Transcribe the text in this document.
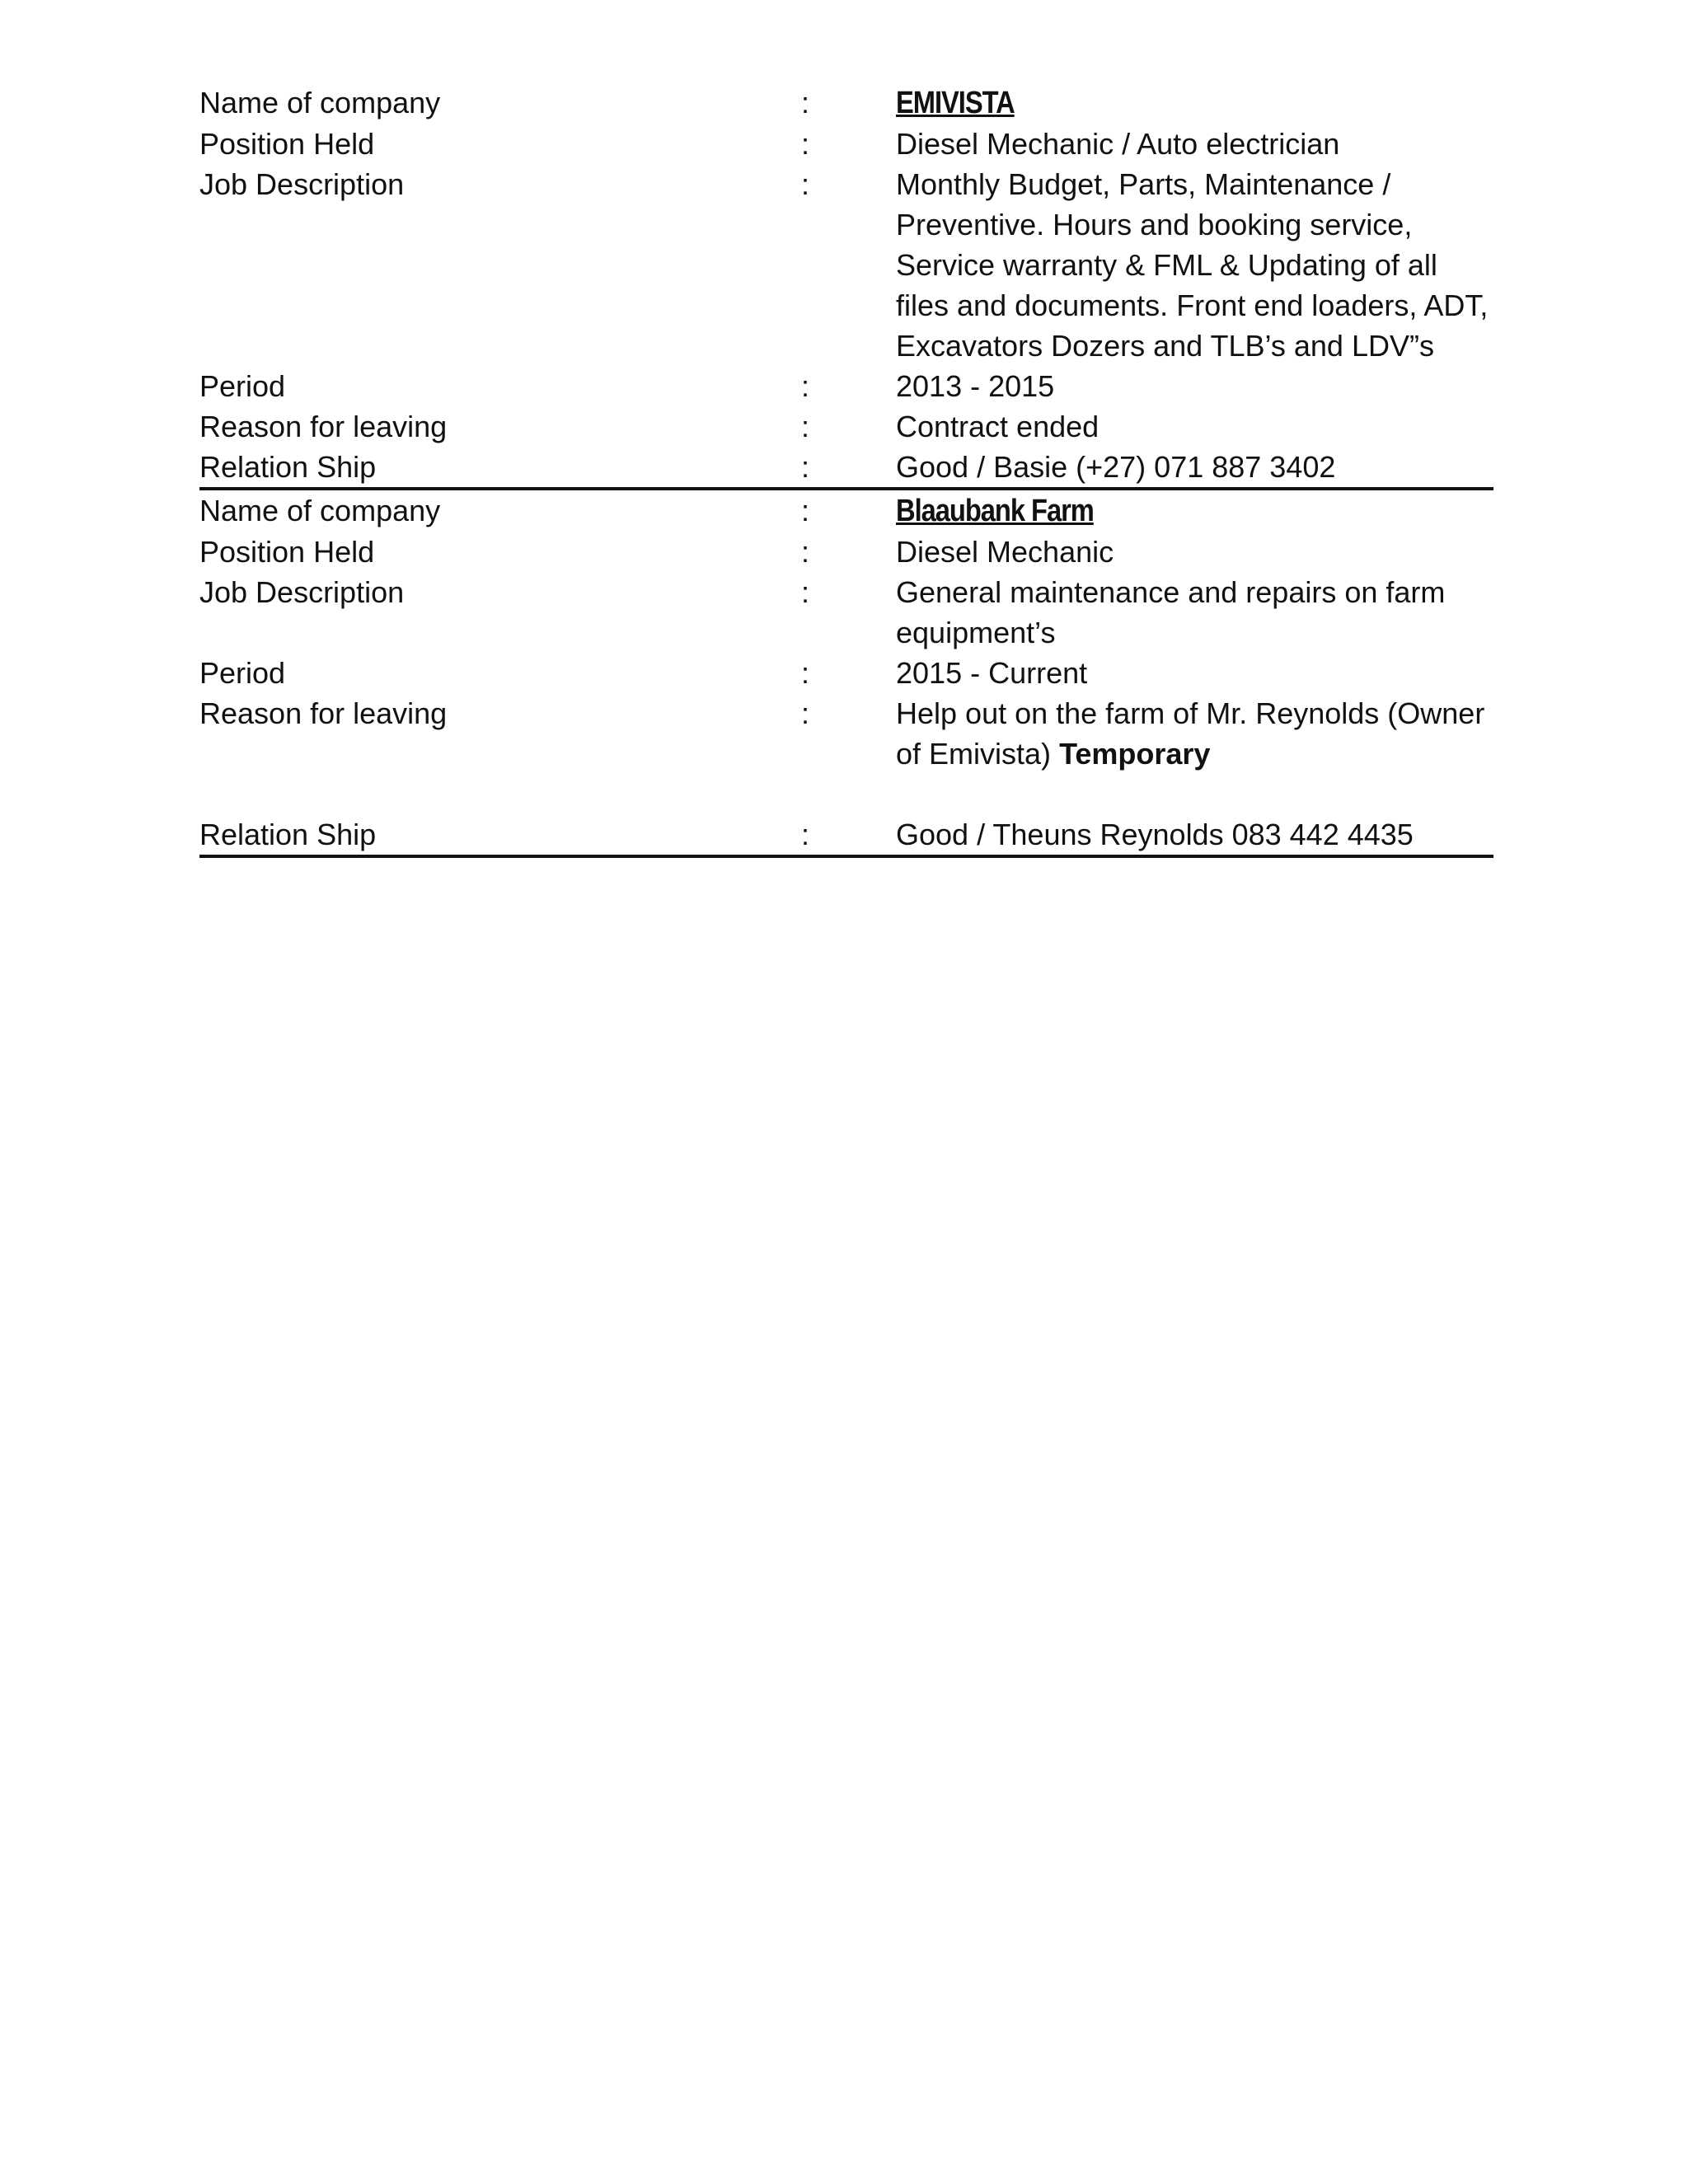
Name of company	:	EMIVISTA
Position Held	:	Diesel Mechanic / Auto electrician
Job Description	:	Monthly Budget, Parts, Maintenance / Preventive. Hours and booking service, Service warranty & FML & Updating of all files and documents. Front end loaders, ADT, Excavators Dozers and TLB’s and LDV”s
Period	:	2013 - 2015
Reason for leaving	:	Contract ended
Relation Ship	:	Good / Basie (+27) 071 887 3402
Name of company	:	Blaaubank Farm
Position Held	:	Diesel Mechanic
Job Description	:	General maintenance and repairs on farm equipment’s
Period	:	2015 - Current
Reason for leaving	:	Help out on the farm of Mr. Reynolds (Owner of Emivista) Temporary
Relation Ship	:	Good / Theuns Reynolds 083 442 4435
